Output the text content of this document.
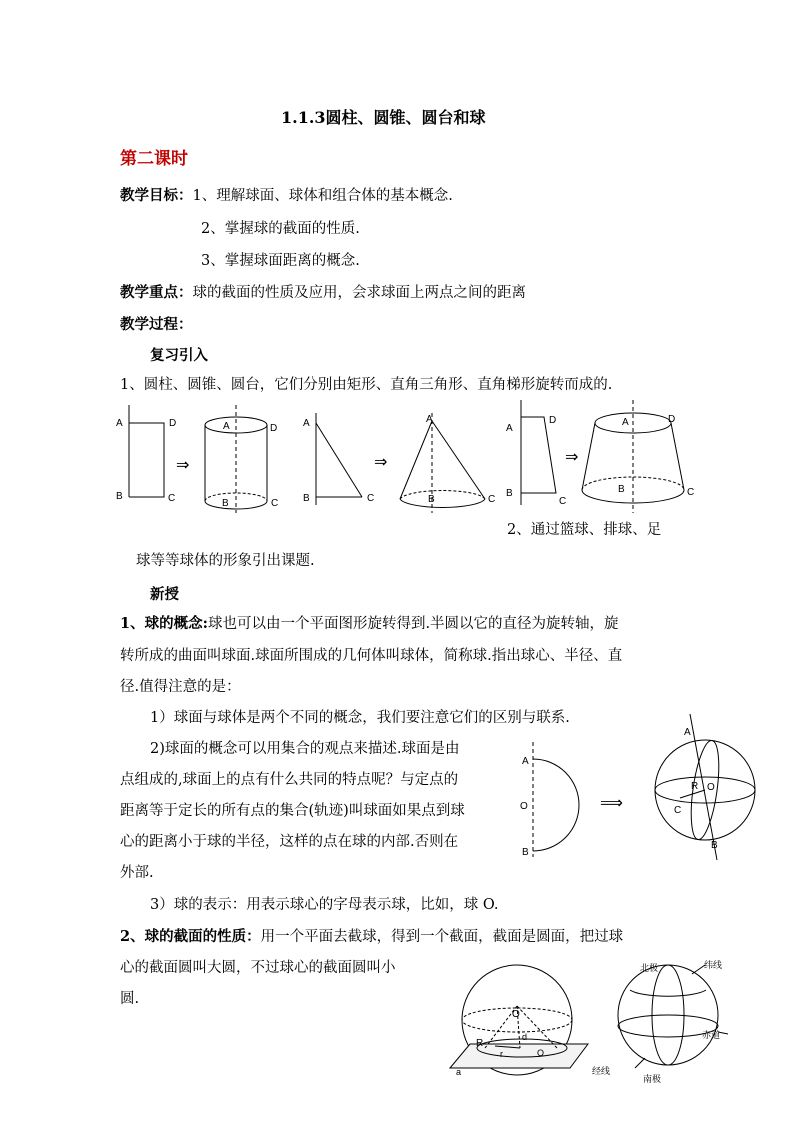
1.1.3圆柱、圆锥、圆台和球
第二课时
教学目标：1、理解球面、球体和组合体的基本概念.
2、掌握球的截面的性质.
3、掌握球面距离的概念.
教学重点：球的截面的性质及应用，会求球面上两点之间的距离
教学过程：
复习引入
1、圆柱、圆锥、圆台，它们分别由矩形、直角三角形、直角梯形旋转而成的.
A	D
B	C
⇒
A	D
B	C
A
B	C
⇒
A
B	C
A
D
B
C
⇒
A	D
B	C
2、通过篮球、排球、足
球等等球体的形象引出课题.
新授
1、球的概念:球也可以由一个平面图形旋转得到.半圆以它的直径为旋转轴，旋
转所成的曲面叫球面.球面所围成的几何体叫球体，简称球.指出球心、半径、直
径.值得注意的是：
1）球面与球体是两个不同的概念，我们要注意它们的区别与联系.
2)球面的概念可以用集合的观点来描述.球面是由
点组成的,球面上的点有什么共同的特点呢？与定点的
距离等于定长的所有点的集合(轨迹)叫球面如果点到球
心的距离小于球的半径，这样的点在球的内部.否则在
外部.
A
O
B
⟹
A
R O
C
B
3）球的表示：用表示球心的字母表示球，比如，球 O.
2、球的截面的性质：用一个平面去截球，得到一个截面，截面是圆面，把过球
心的截面圆叫大圆，不过球心的截面圆叫小
圆.
O
R
r
d
O
a
北极	纬线
赤道
经线
南极
